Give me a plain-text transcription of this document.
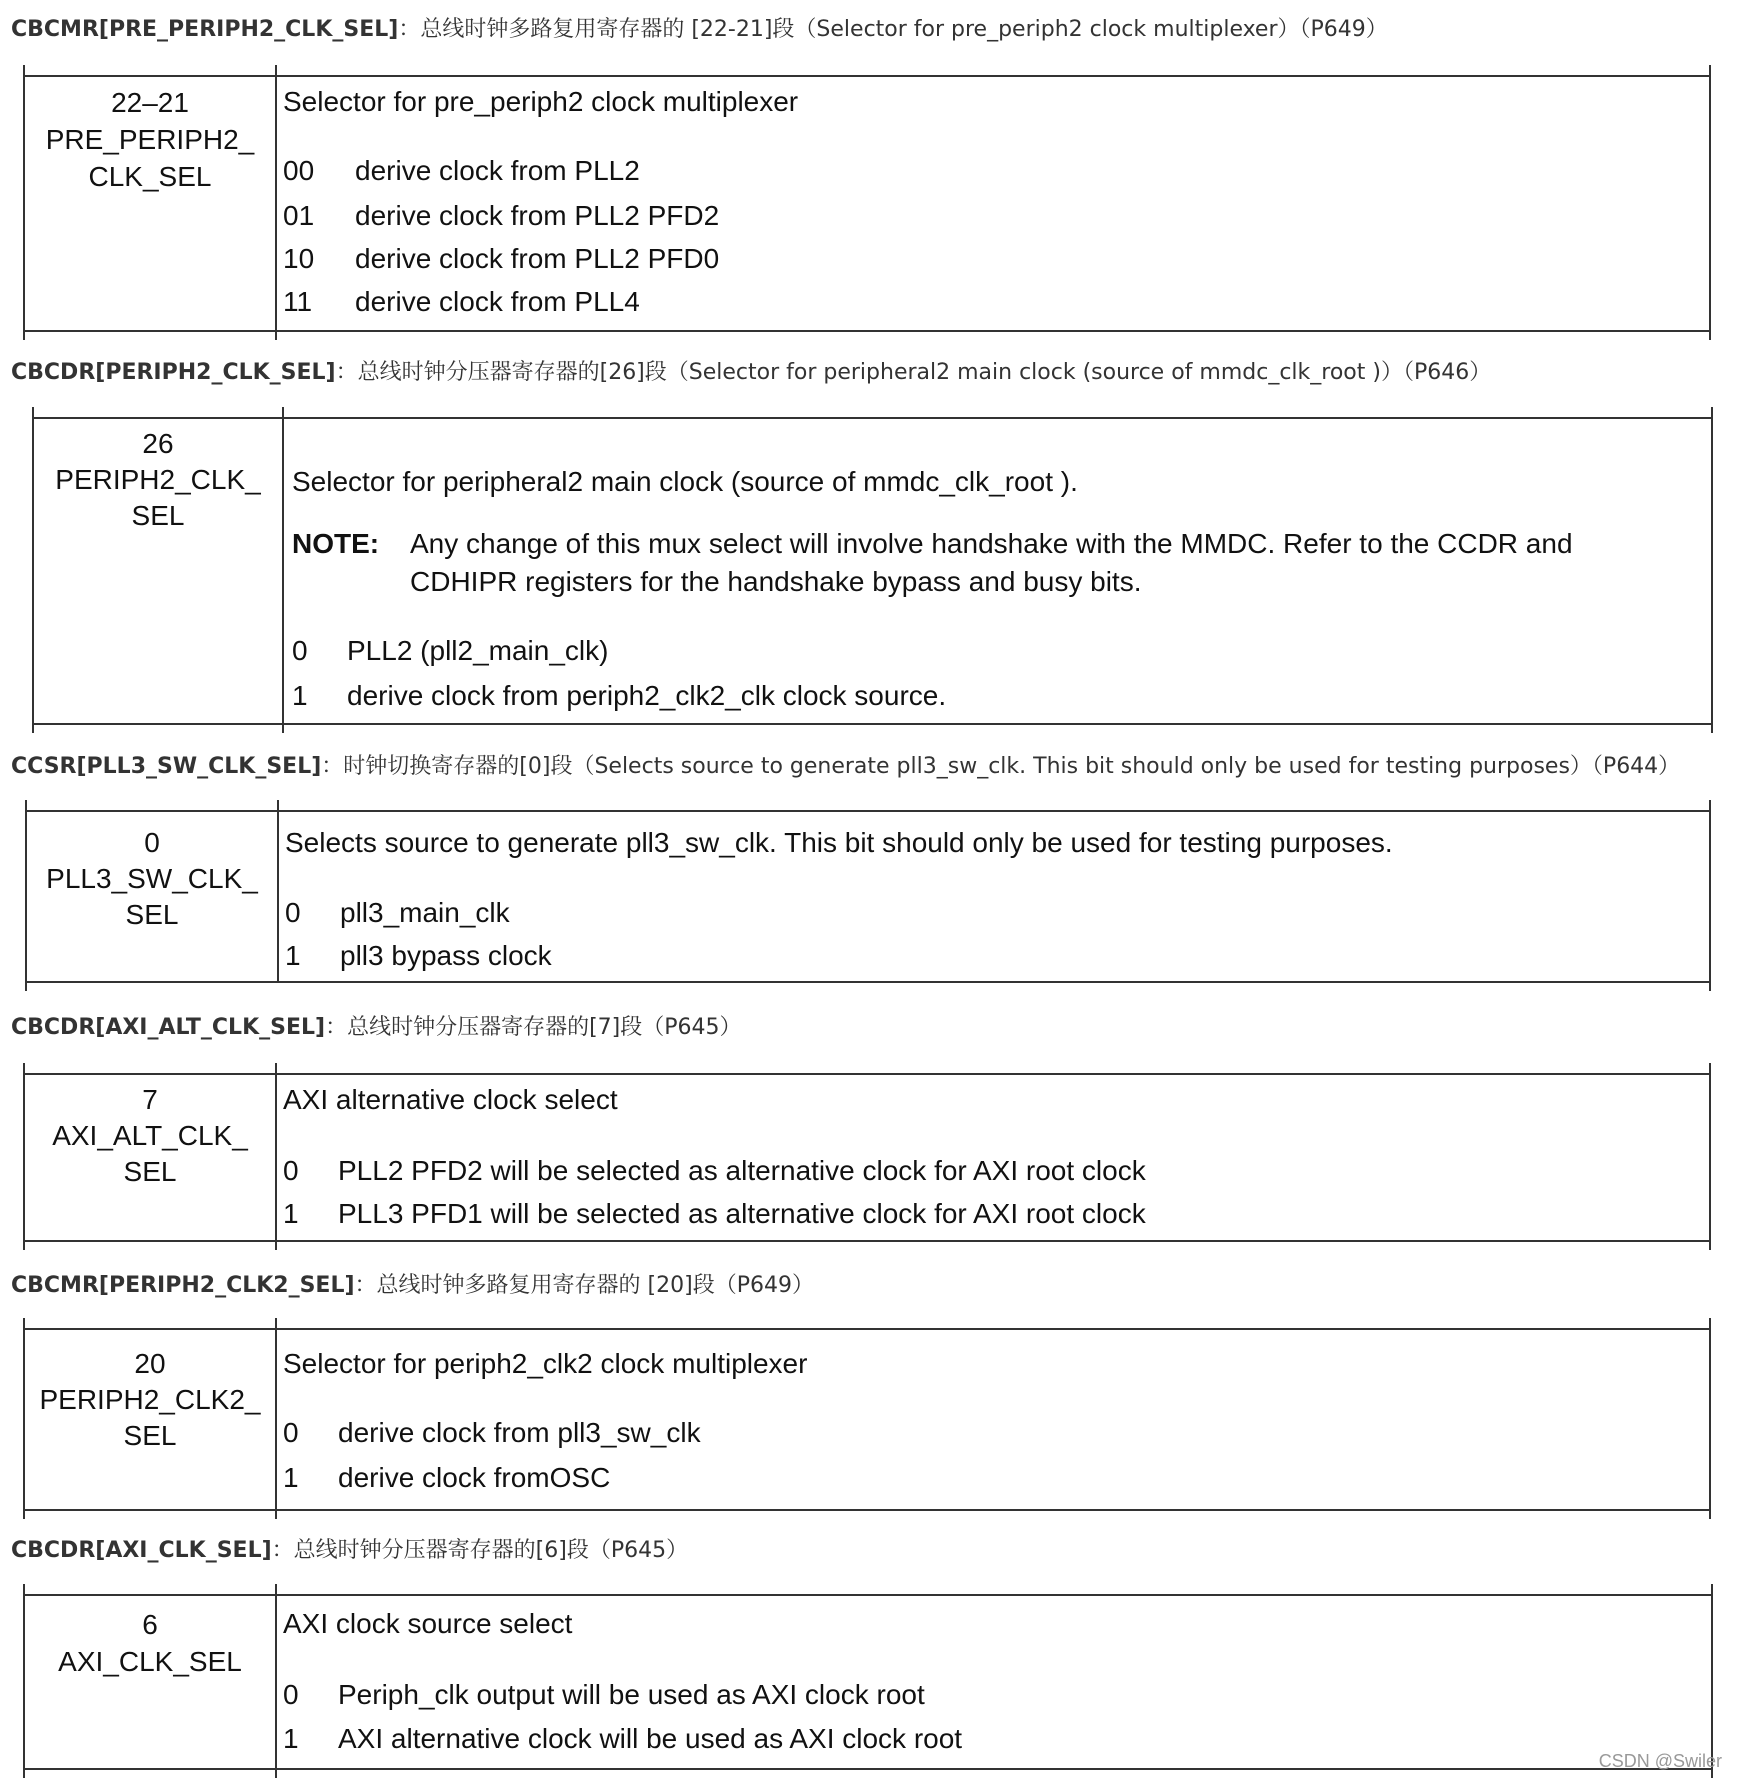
CBCMR[PRE_PERIPH2_CLK_SEL]：总线时钟多路复用寄存器的 [22-21]段（Selector for pre_periph2 clock multiplexer）（P649）
22–21
PRE_PERIPH2_
CLK_SEL
Selector for pre_periph2 clock multiplexer
00 derive clock from PLL2
01 derive clock from PLL2 PFD2
10 derive clock from PLL2 PFD0
11 derive clock from PLL4
CBCDR[PERIPH2_CLK_SEL]：总线时钟分压器寄存器的[26]段（Selector for peripheral2 main clock (source of mmdc_clk_root )）（P646）
26
PERIPH2_CLK_
SEL
Selector for peripheral2 main clock (source of mmdc_clk_root ).
NOTE: Any change of this mux select will involve handshake with the MMDC. Refer to the CCDR and
CDHIPR registers for the handshake bypass and busy bits.
0 PLL2 (pll2_main_clk)
1 derive clock from periph2_clk2_clk clock source.
CCSR[PLL3_SW_CLK_SEL]：时钟切换寄存器的[0]段（Selects source to generate pll3_sw_clk. This bit should only be used for testing purposes）（P644）
0
PLL3_SW_CLK_
SEL
Selects source to generate pll3_sw_clk. This bit should only be used for testing purposes.
0 pll3_main_clk
1 pll3 bypass clock
CBCDR[AXI_ALT_CLK_SEL]：总线时钟分压器寄存器的[7]段（P645）
7
AXI_ALT_CLK_
SEL
AXI alternative clock select
0 PLL2 PFD2 will be selected as alternative clock for AXI root clock
1 PLL3 PFD1 will be selected as alternative clock for AXI root clock
CBCMR[PERIPH2_CLK2_SEL]：总线时钟多路复用寄存器的 [20]段（P649）
20
PERIPH2_CLK2_
SEL
Selector for periph2_clk2 clock multiplexer
0 derive clock from pll3_sw_clk
1 derive clock fromOSC
CBCDR[AXI_CLK_SEL]：总线时钟分压器寄存器的[6]段（P645）
6
AXI_CLK_SEL
AXI clock source select
0 Periph_clk output will be used as AXI clock root
1 AXI alternative clock will be used as AXI clock root
CSDN @Swiler
